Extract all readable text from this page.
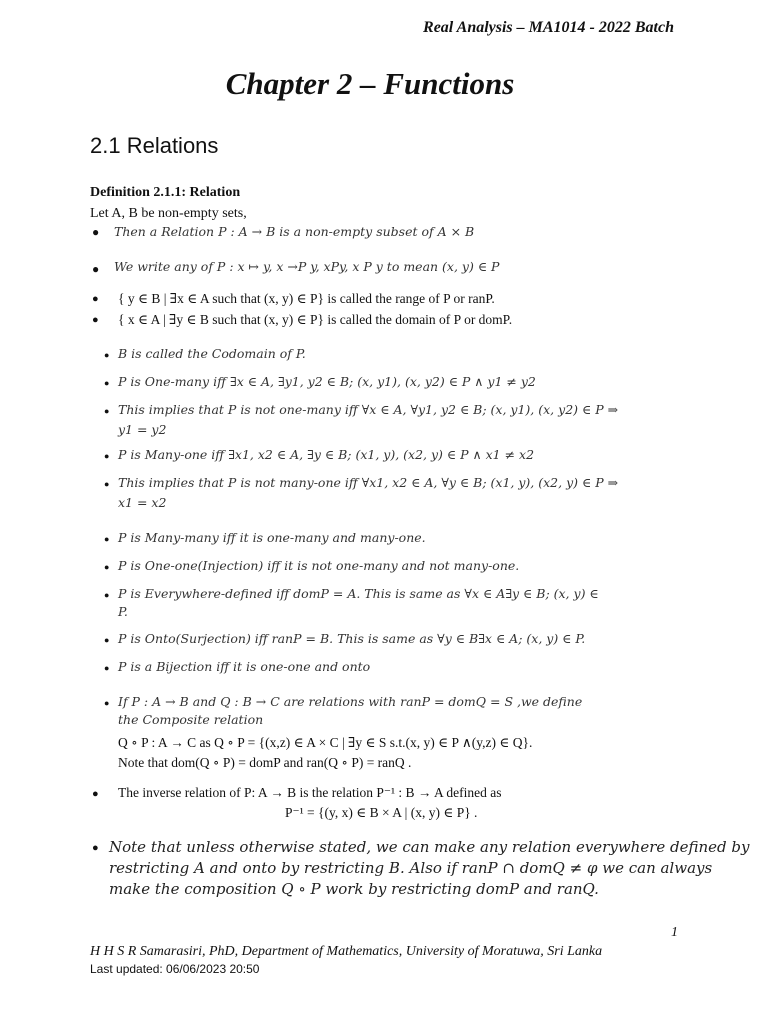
Real Analysis – MA1014 - 2022 Batch
Chapter 2 – Functions
2.1 Relations
Definition 2.1.1: Relation
Let A, B be non-empty sets,
● Then a Relation P : A → B is a non-empty subset of A × B
● We write any of P : x ↦ y, x →P y, xPy, x P y to mean (x, y) ∈ P
● { y ∈ B | ∃x ∈ A such that (x, y) ∈ P} is called the range of P or ranP.
● { x ∈ A | ∃y ∈ B such that (x, y) ∈ P} is called the domain of P or domP.
● B is called the Codomain of P.
● P is One-many iff ∃x ∈ A, ∃y1, y2 ∈ B; (x, y1), (x, y2) ∈ P ∧ y1 ≠ y2
● This implies that P is not one-many iff ∀x ∈ A, ∀y1, y2 ∈ B; (x, y1), (x, y2) ∈ P ⇒
y1 = y2
● P is Many-one iff ∃x1, x2 ∈ A, ∃y ∈ B; (x1, y), (x2, y) ∈ P ∧ x1 ≠ x2
● This implies that P is not many-one iff ∀x1, x2 ∈ A, ∀y ∈ B; (x1, y), (x2, y) ∈ P ⇒
x1 = x2
● P is Many-many iff it is one-many and many-one.
● P is One-one(Injection) iff it is not one-many and not many-one.
● P is Everywhere-defined iff domP = A. This is same as ∀x ∈ A∃y ∈ B; (x, y) ∈
P.
● P is Onto(Surjection) iff ranP = B. This is same as ∀y ∈ B∃x ∈ A; (x, y) ∈ P.
● P is a Bijection iff it is one-one and onto
● If P : A → B and Q : B → C are relations with ranP = domQ = S ,we define
the Composite relation
Q ∘ P : A → C as Q ∘ P = {(x,z) ∈ A × C | ∃y ∈ S s.t.(x, y) ∈ P ∧(y,z) ∈ Q}.
Note that dom(Q ∘ P) = domP and ran(Q ∘ P) = ranQ .
● The inverse relation of P: A → B is the relation P⁻¹ : B → A defined as
P⁻¹ = {(y, x) ∈ B × A | (x, y) ∈ P} .
● Note that unless otherwise stated, we can make any relation everywhere defined by
restricting A and onto by restricting B. Also if ranP ∩ domQ ≠ φ we can always
make the composition Q ∘ P work by restricting domP and ranQ.
1
H H S R Samarasiri, PhD, Department of Mathematics, University of Moratuwa, Sri Lanka
Last updated: 06/06/2023 20:50
